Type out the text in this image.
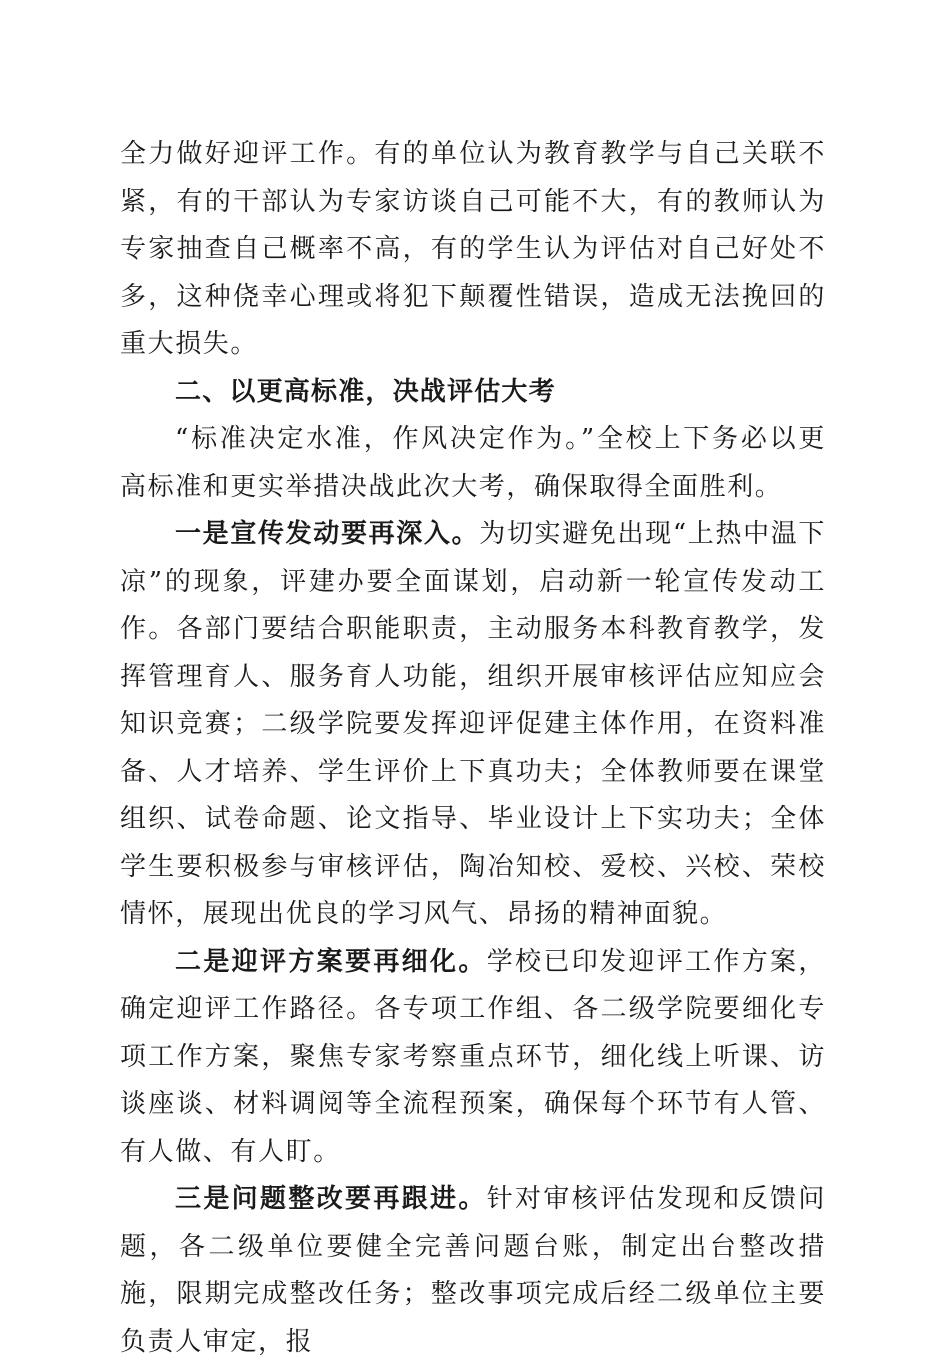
全力做好迎评工作。有的单位认为教育教学与自己关联不紧，有的干部认为专家访谈自己可能不大，有的教师认为专家抽查自己概率不高，有的学生认为评估对自己好处不多，这种侥幸心理或将犯下颠覆性错误，造成无法挽回的重大损失。

二、以更高标准，决战评估大考

“标准决定水准，作风决定作为。”全校上下务必以更高标准和更实举措决战此次大考，确保取得全面胜利。

一是宣传发动要再深入。为切实避免出现“上热中温下凉”的现象，评建办要全面谋划，启动新一轮宣传发动工作。各部门要结合职能职责，主动服务本科教育教学，发挥管理育人、服务育人功能，组织开展审核评估应知应会知识竞赛；二级学院要发挥迎评促建主体作用，在资料准备、人才培养、学生评价上下真功夫；全体教师要在课堂组织、试卷命题、论文指导、毕业设计上下实功夫；全体学生要积极参与审核评估，陶冶知校、爱校、兴校、荣校情怀，展现出优良的学习风气、昂扬的精神面貌。

二是迎评方案要再细化。学校已印发迎评工作方案，确定迎评工作路径。各专项工作组、各二级学院要细化专项工作方案，聚焦专家考察重点环节，细化线上听课、访谈座谈、材料调阅等全流程预案，确保每个环节有人管、有人做、有人盯。

三是问题整改要再跟进。针对审核评估发现和反馈问题，各二级单位要健全完善问题台账，制定出台整改措施，限期完成整改任务；整改事项完成后经二级单位主要负责人审定，报
